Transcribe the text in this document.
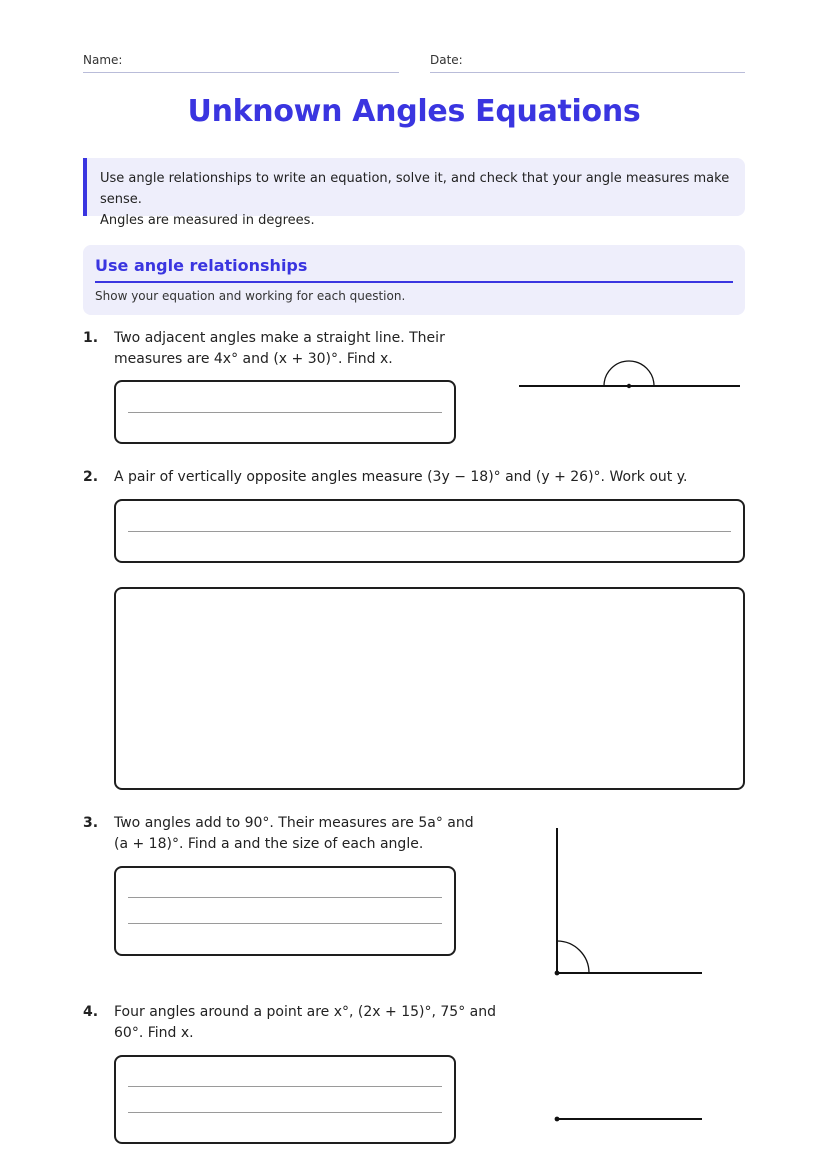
Name:	Date:
Unknown Angles Equations
Use angle relationships to write an equation, solve it, and check that your angle measures make sense.
Angles are measured in degrees.
Use angle relationships
Show your equation and working for each question.
1. Two adjacent angles make a straight line. Their
measures are 4x° and (x + 30)°. Find x.
2. A pair of vertically opposite angles measure (3y − 18)° and (y + 26)°. Work out y.
3. Two angles add to 90°. Their measures are 5a° and
(a + 18)°. Find a and the size of each angle.
4. Four angles around a point are x°, (2x + 15)°, 75° and
60°. Find x.
